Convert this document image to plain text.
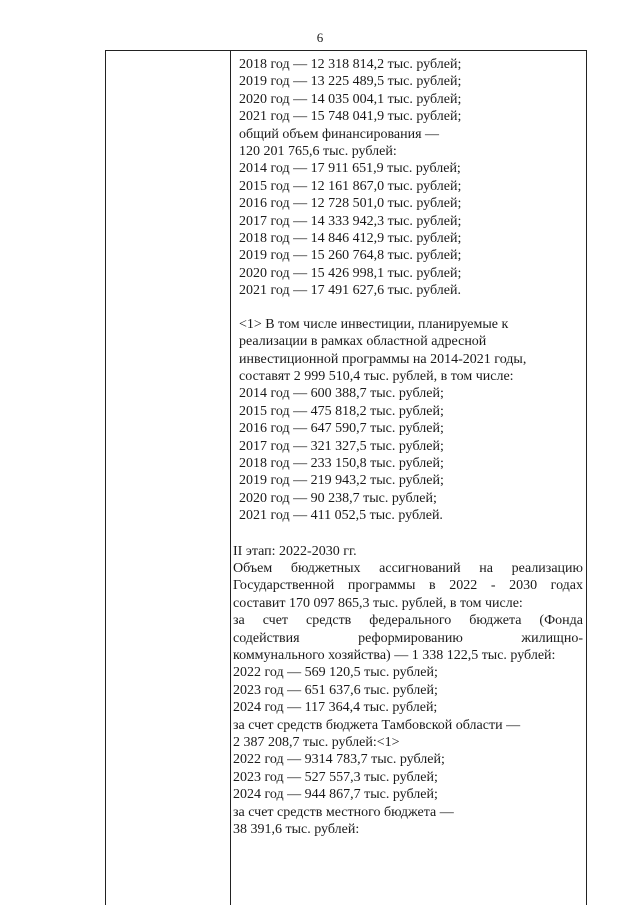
6
2018 год — 12 318 814,2 тыс. рублей;
2019 год — 13 225 489,5 тыс. рублей;
2020 год — 14 035 004,1 тыс. рублей;
2021 год — 15 748 041,9 тыс. рублей;
общий объем финансирования —
120 201 765,6 тыс. рублей:
2014 год — 17 911 651,9 тыс. рублей;
2015 год — 12 161 867,0 тыс. рублей;
2016 год — 12 728 501,0 тыс. рублей;
2017 год — 14 333 942,3 тыс. рублей;
2018 год — 14 846 412,9 тыс. рублей;
2019 год — 15 260 764,8 тыс. рублей;
2020 год — 15 426 998,1 тыс. рублей;
2021 год — 17 491 627,6 тыс. рублей.
<1> В том числе инвестиции, планируемые к
реализации в рамках областной адресной
инвестиционной программы на 2014-2021 годы,
составят 2 999 510,4 тыс. рублей, в том числе:
2014 год — 600 388,7 тыс. рублей;
2015 год — 475 818,2 тыс. рублей;
2016 год — 647 590,7 тыс. рублей;
2017 год — 321 327,5 тыс. рублей;
2018 год — 233 150,8 тыс. рублей;
2019 год — 219 943,2 тыс. рублей;
2020 год — 90 238,7 тыс. рублей;
2021 год — 411 052,5 тыс. рублей.
II этап: 2022-2030 гг.
Объем бюджетных ассигнований на реализацию
Государственной программы в 2022 - 2030 годах
составит 170 097 865,3 тыс. рублей, в том числе:
за счет средств федерального бюджета (Фонда
содействия реформированию жилищно-
коммунального хозяйства) — 1 338 122,5 тыс. рублей:
2022 год — 569 120,5 тыс. рублей;
2023 год — 651 637,6 тыс. рублей;
2024 год — 117 364,4 тыс. рублей;
за счет средств бюджета Тамбовской области —
2 387 208,7 тыс. рублей:<1>
2022 год — 9314 783,7 тыс. рублей;
2023 год — 527 557,3 тыс. рублей;
2024 год — 944 867,7 тыс. рублей;
за счет средств местного бюджета —
38 391,6 тыс. рублей:
